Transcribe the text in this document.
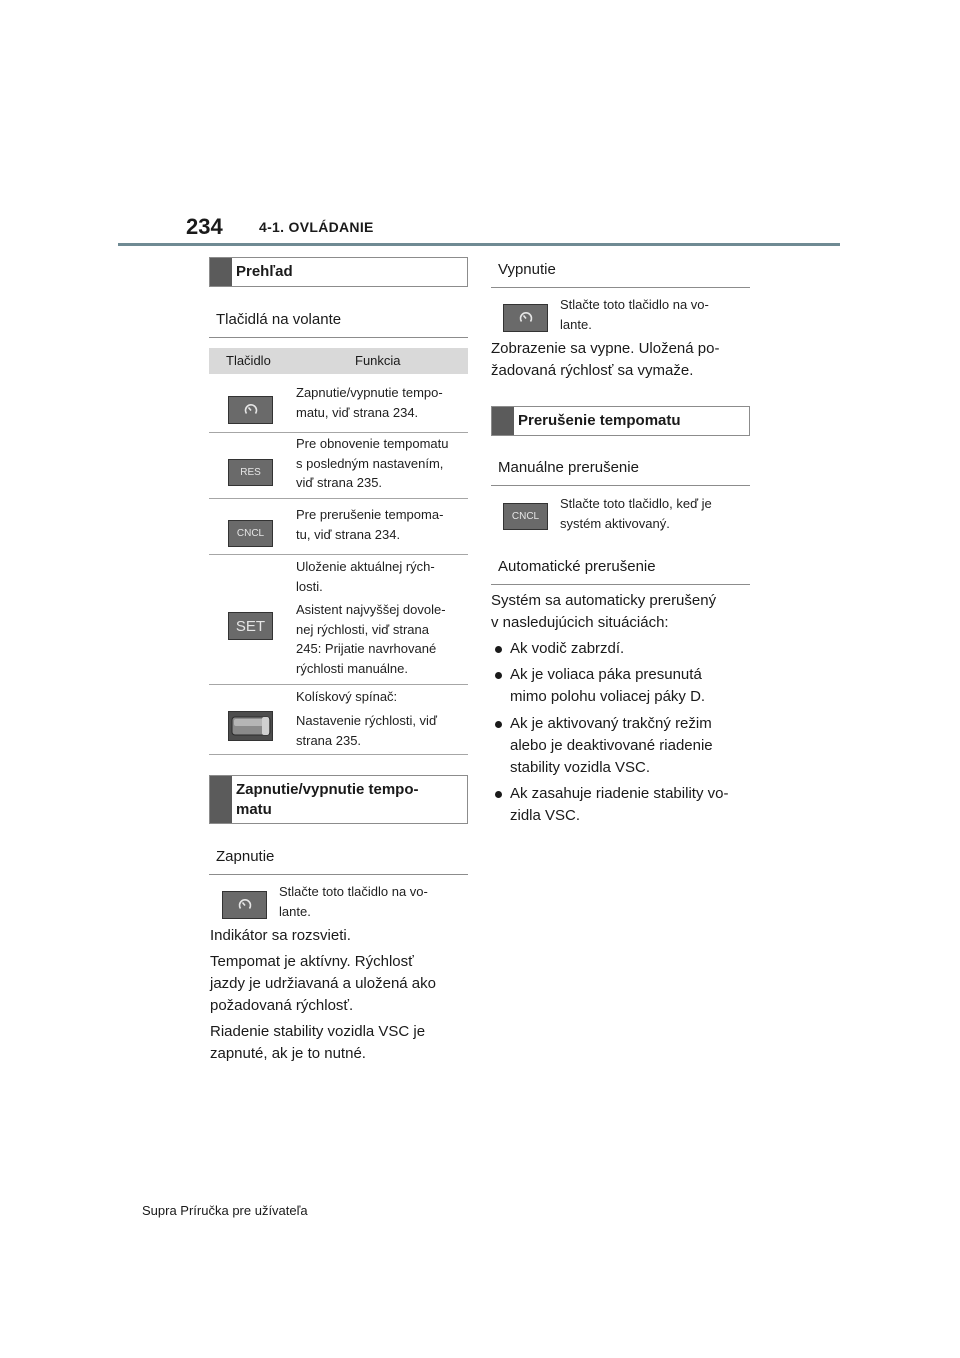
234	4-1. OVLÁDANIE
Prehľad
Tlačidlá na volante
Tlačidlo	Funkcia
Zapnutie/vypnutie tempo-
matu, viď strana 234.
RES
Pre obnovenie tempomatu
s posledným nastavením,
viď strana 235.
CNCL
Pre prerušenie tempoma-
tu, viď strana 234.
SET
Uloženie aktuálnej rých-
losti.
Asistent najvyššej dovole-
nej rýchlosti, viď strana
245: Prijatie navrhované
rýchlosti manuálne.
Kolískový spínač:
Nastavenie rýchlosti, viď
strana 235.
Zapnutie/vypnutie tempo-
matu
Zapnutie
Stlačte toto tlačidlo na vo-
lante.
Indikátor sa rozsvieti.
Tempomat je aktívny. Rýchlosť
jazdy je udržiavaná a uložená ako
požadovaná rýchlosť.
Riadenie stability vozidla VSC je
zapnuté, ak je to nutné.
Vypnutie
Stlačte toto tlačidlo na vo-
lante.
Zobrazenie sa vypne. Uložená po-
žadovaná rýchlosť sa vymaže.
Prerušenie tempomatu
Manuálne prerušenie
CNCL
Stlačte toto tlačidlo, keď je
systém aktivovaný.
Automatické prerušenie
Systém sa automaticky prerušený
v nasledujúcich situáciách:
Ak vodič zabrzdí.
Ak je voliaca páka presunutá
mimo polohu voliacej páky D.
Ak je aktivovaný trakčný režim
alebo je deaktivované riadenie
stability vozidla VSC.
Ak zasahuje riadenie stability vo-
zidla VSC.
Supra Príručka pre užívateľa
